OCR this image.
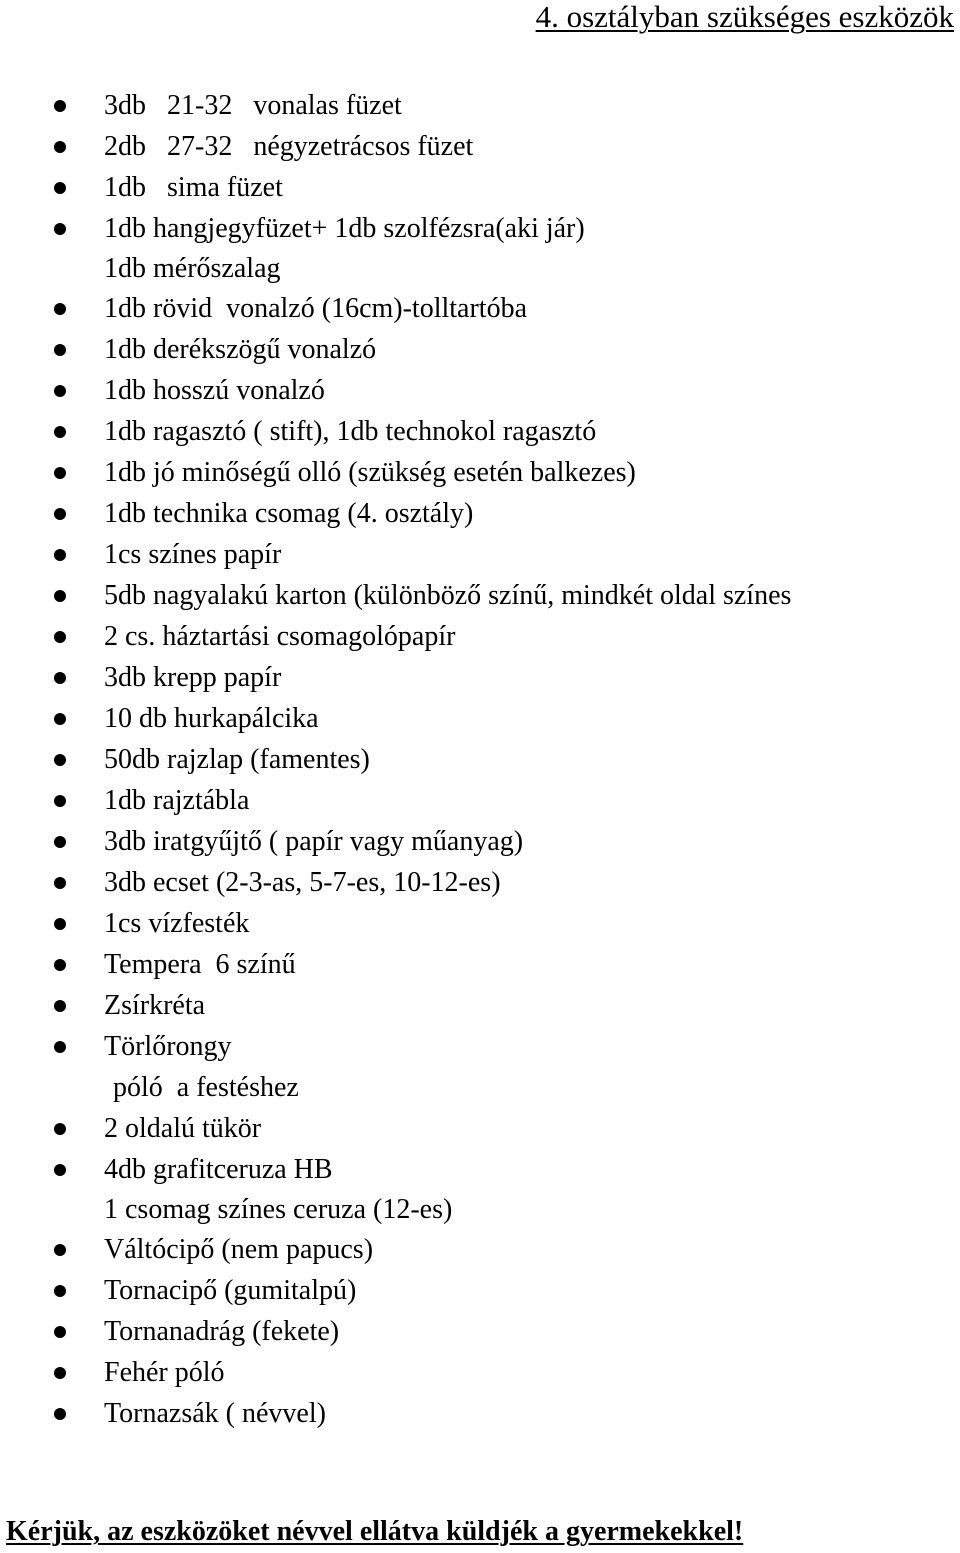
4. osztályban szükséges eszközök
3db   21-32   vonalas füzet
2db   27-32   négyzetrácsos füzet
1db   sima füzet
1db hangjegyfüzet+ 1db szolfézsra(aki jár)
1db mérőszalag
1db rövid  vonalzó (16cm)-tolltartóba
1db derékszögű vonalzó
1db hosszú vonalzó
1db ragasztó ( stift), 1db technokol ragasztó
1db jó minőségű olló (szükség esetén balkezes)
1db technika csomag (4. osztály)
1cs színes papír
5db nagyalakú karton (különböző színű, mindkét oldal színes
2 cs. háztartási csomagolópapír
3db krepp papír
10 db hurkapálcika
50db rajzlap (famentes)
1db rajztábla
3db iratgyűjtő ( papír vagy műanyag)
3db ecset (2-3-as, 5-7-es, 10-12-es)
1cs vízfesték
Tempera  6 színű
Zsírkréta
Törlőrongy
póló  a festéshez
2 oldalú tükör
4db grafitceruza HB
1 csomag színes ceruza (12-es)
Váltócipő (nem papucs)
Tornacipő (gumitalpú)
Tornanadrág (fekete)
Fehér póló
Tornazsák ( névvel)
Kérjük, az eszközöket névvel ellátva küldjék a gyermekekkel!
